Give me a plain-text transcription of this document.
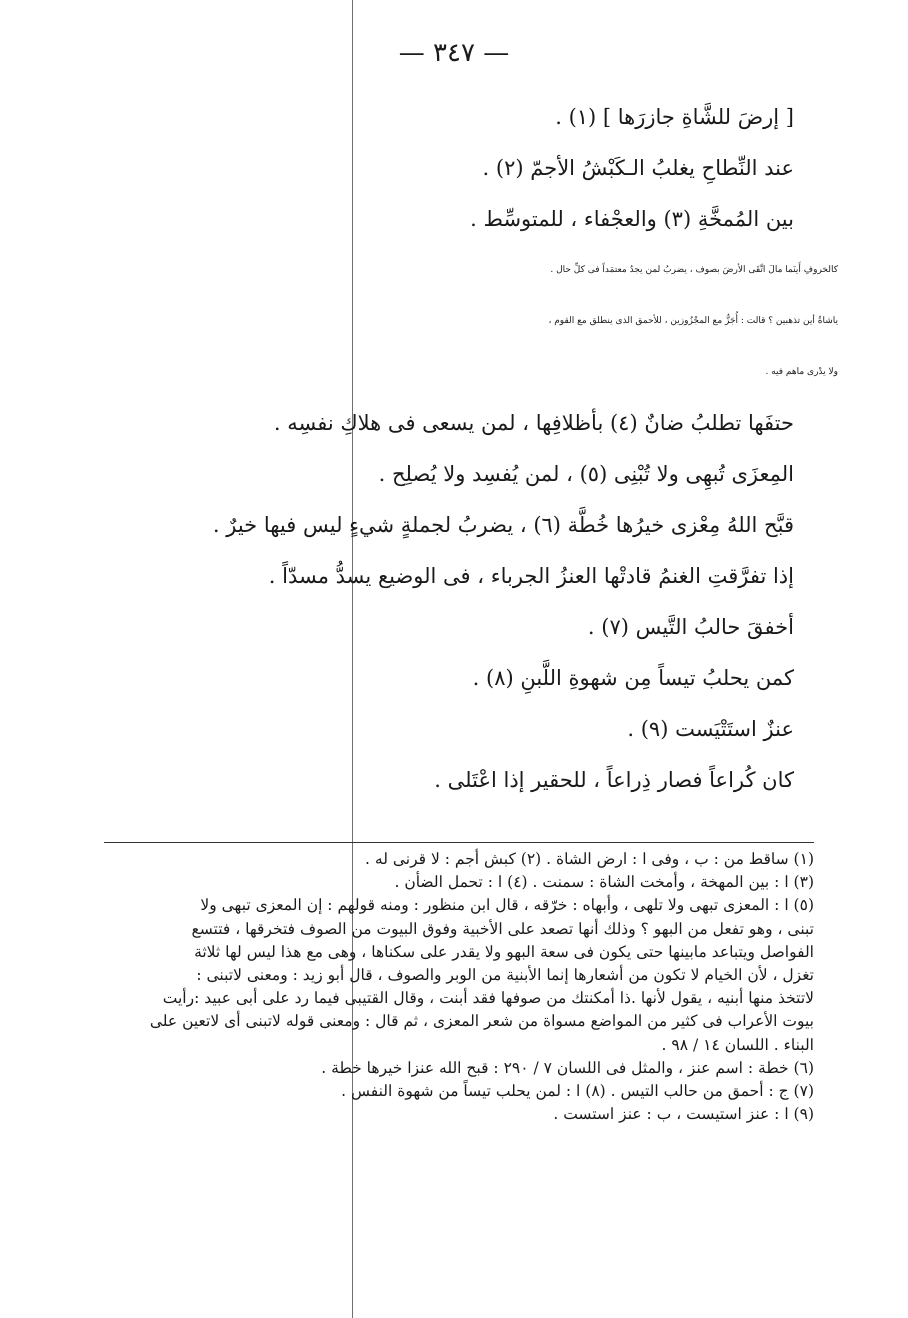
— ٣٤٧ —
[ إرضَ للشَّاةِ جازرَها ] (١) .
عند النِّطاحِ يغلبُ الـكَبْشُ الأجمّ (٢) .
بين المُمخَّةِ (٣) والعجْفاء ، للمتوسِّط .
كالخروفِ أَينَما مالَ اتَّقَى الأرضَ بصوف ، يضربُ لمن يجدُ معتمَداً فى كلِّ حال .
ياشاةُ أين تذهبين ؟ قالت : أُجَزُّ مع المجْزُوزين ، للأحمق الذى ينطلق مع القوم ،
ولا يدْرى ماهم فيه .
حتفَها تطلبُ ضانٌ (٤) بأظلافِها ، لمن يسعى فى هلاكِ نفسِه .
المِعزَى تُبهِى ولا تُبْنِى (٥) ، لمن يُفسِد ولا يُصلِح .
قبَّح اللهُ مِعْزى خيرُها خُطَّة (٦) ، يضربُ لجملةٍ شيءٍ ليس فيها خيرٌ .
إذا تفرَّقتِ الغنمُ قادتْها العنزُ الجرباء ، فى الوضيع يسدُّ مسدّاً .
أخفقَ حالبُ التَّيس (٧) .
كمن يحلبُ تيساً مِن شهوةِ اللَّبنِ (٨) .
عنزٌ استَتْيَست (٩) .
كان كُراعاً فصار ذِراعاً ، للحقير إذا اعْتَلى .
(١) ساقط من : ب ، وفى ا : ارض الشاة . (٢) كبش أجم : لا قرنى له .
(٣) ا : بين المهخة ، وأمخت الشاة : سمنت . (٤) ا : تحمل الضأن .
(٥) ا : المعزى تبهى ولا تلهى ، وأبهاه : خرّقه ، قال ابن منظور : ومنه قولهم : إن المعزى تبهى ولا
تبنى ، وهو تفعل من البهو ؟ وذلك أنها تصعد على الأخبية وفوق البيوت من الصوف فتخرقها ، فتتسع
الفواصل ويتباعد مابينها حتى يكون فى سعة البهو ولا يقدر على سكناها ، وهى مع هذا ليس لها ثلاثة
تغزل ، لأن الخيام لا تكون من أشعارها إنما الأبنية من الوبر والصوف ، قال أبو زيد : ومعنى لاتبنى :
لاتتخذ منها أبنيه ، يقول لأنها .ذا أمكنتك من صوفها فقد أبنت ، وقال القتيبى فيما رد على أبى عبيد :رأيت
بيوت الأعراب فى كثير من المواضع مسواة من شعر المعزى ، ثم قال : ومعنى قوله لاتبنى أى لاتعين على
البناء . اللسان ١٤ / ٩٨ .
(٦) خطة : اسم عنز ، والمثل فى اللسان ٧ / ٢٩٠ : قبح الله عنزا خيرها خطة .
(٧) ج : أحمق من حالب التيس . (٨) ا : لمن يحلب تيساً من شهوة النفس .
(٩) ا : عنز استيست ، ب : عنز استست .
